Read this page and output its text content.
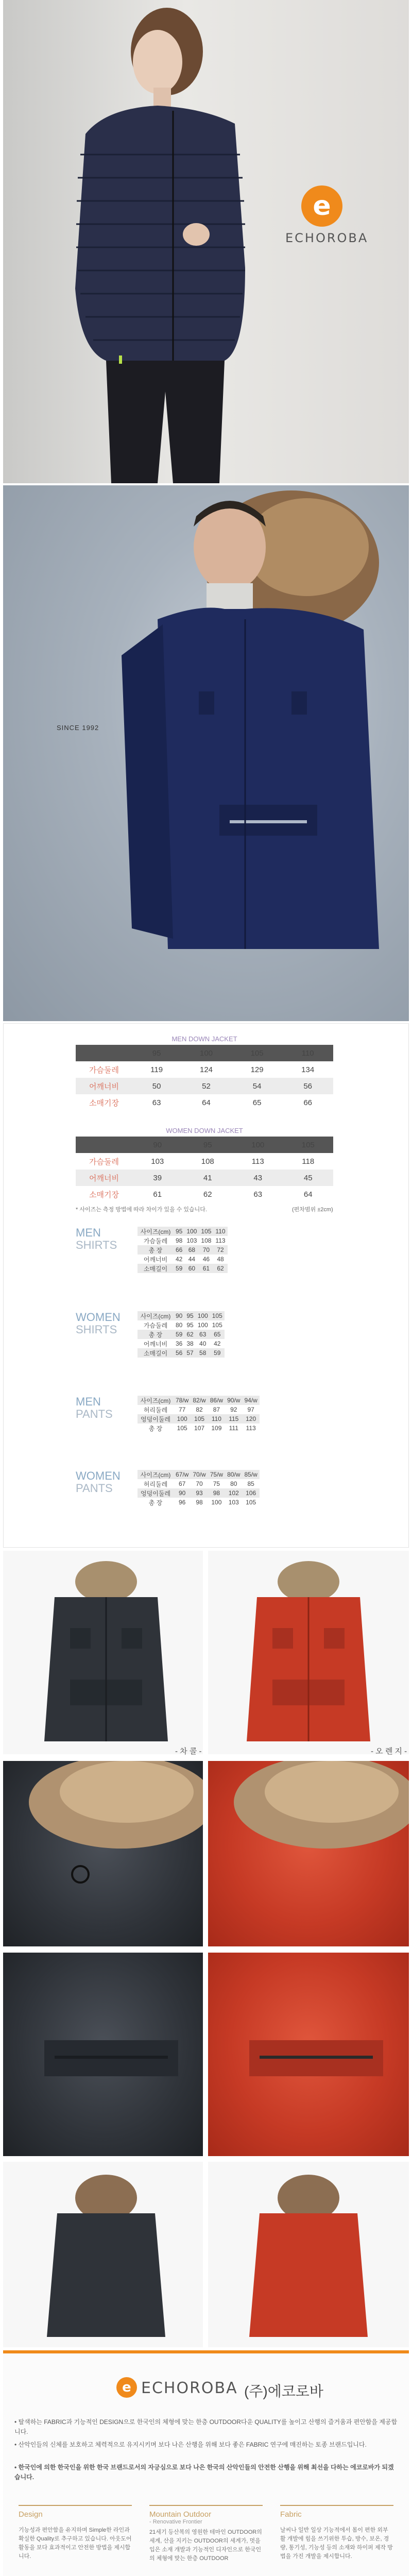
e
ECHOROBA
SINCE 1992
MEN DOWN JACKET
	95	100	105	110
가슴둘레	119	124	129	134
어깨너비	50	52	54	56
소매기장	63	64	65	66
WOMEN DOWN JACKET
	90	95	100	105
가슴둘레	103	108	113	118
어깨너비	39	41	43	45
소매기장	61	62	63	64
* 사이즈는 측정 방법에 따라 차이가 있을 수 있습니다.	(편차범위 ±2cm)
MEN
SHIRTS
사이즈(cm)	95	100	105	110
가슴둘레	98	103	108	113
총 장	66	68	70	72
어깨너비	42	44	46	48
소매길이	59	60	61	62
WOMEN
SHIRTS
사이즈(cm)	90	95	100	105
가슴둘레	80	95	100	105
총 장	59	62	63	65
어깨너비	36	38	40	42
소매길이	56	57	58	59
MEN
PANTS
사이즈(cm)	78/w	82/w	86/w	90/w	94/w
허리둘레	77	82	87	92	97
엉덩이둘레	100	105	110	115	120
총 장	105	107	109	111	113
WOMEN
PANTS
사이즈(cm)	67/w	70/w	75/w	80/w	85/w
허리둘레	67	70	75	80	85
엉덩이둘레	90	93	98	102	106
총 장	96	98	100	103	105
- 차 콜 -	- 오 렌 지 -
e ECHOROBA (주)에코로바
• 탈색하는 FABRIC과 기능적인 DESIGN으로 한국인의 체형에 맞는 한층 OUTDOOR다운 QUALITY를 높이고 산행의 즐거움과 편안함을 제공합니다.
• 산악인들의 신체를 보호하고 체력적으로 유지시키며 보다 나은 산행을 위해 보다 좋은 FABRIC 연구에 매진하는 토종 브랜드입니다.
• 한국인에 의한 한국인을 위한 한국 브랜드로서의 자긍심으로 보다 나은 한국의 산악인들의 안전한 산행을 위해 최선을 다하는 에코로바가 되겠습니다.
Design
기능성과 편안함을 유지하며 Simple한 라인과 확실한 Quality로 추구하고 있습니다. 아웃도어 활동을 보다 효과적이고 안전한 방법을 제시합니다.
Mountain Outdoor
- Renovative Frontier
21세기 등산복의 영원한 테마인 OUTDOOR의 세계, 산을 지키는 OUTDOOR의 세계가, 멋을 입은 소재 개발과 기능적인 디자인으로 한국인의 체형에 맞는 한층 OUTDOOR
Fabric
날씨나 일반 일상 기능적에서 몸이 편한 외부활 개발에 힘을 쓰기위한 투습, 방수, 보온, 경량, 통기성, 기능성 등의 소재와 하이퍼 제작 방법을 가진 개발을 제시합니다.
